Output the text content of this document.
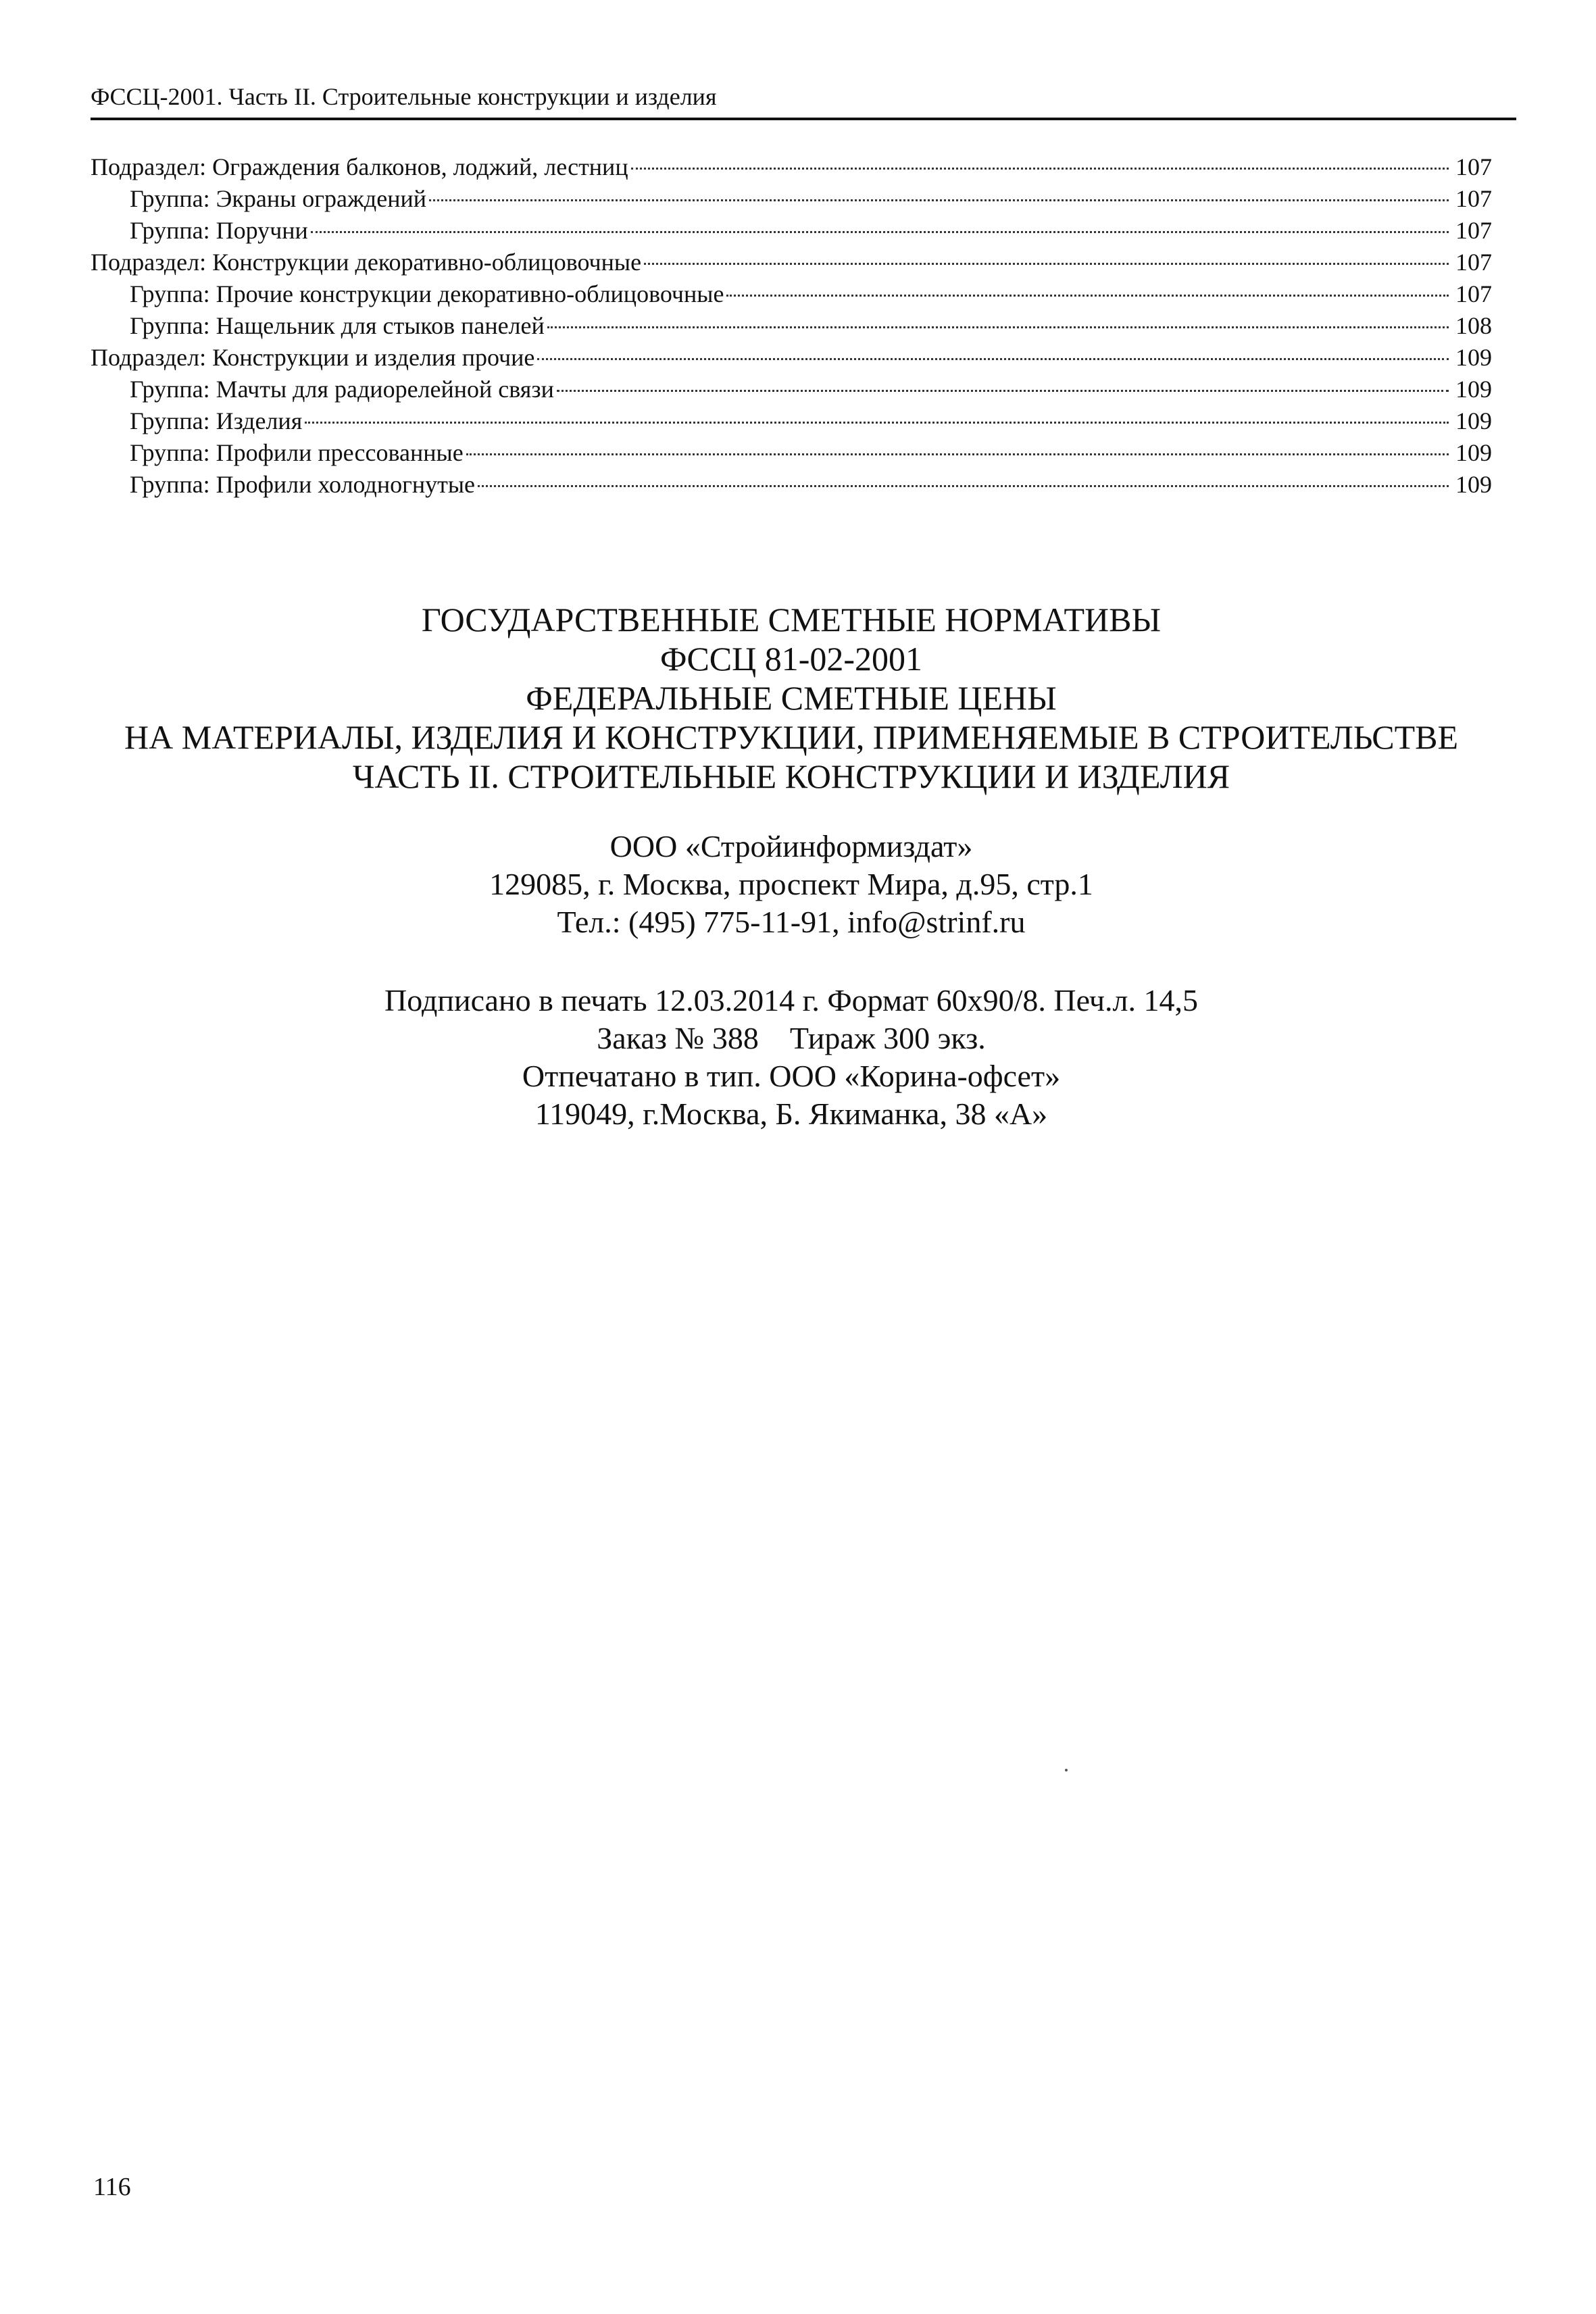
ФССЦ-2001. Часть II. Строительные конструкции и изделия
Подраздел: Ограждения балконов, лоджий, лестниц	107
Группа: Экраны ограждений	107
Группа: Поручни	107
Подраздел: Конструкции декоративно-облицовочные	107
Группа: Прочие конструкции декоративно-облицовочные	107
Группа: Нащельник для стыков панелей	108
Подраздел: Конструкции и изделия прочие	109
Группа: Мачты для радиорелейной связи	109
Группа: Изделия	109
Группа: Профили прессованные	109
Группа: Профили холодногнутые	109
ГОСУДАРСТВЕННЫЕ СМЕТНЫЕ НОРМАТИВЫ
ФССЦ 81-02-2001
ФЕДЕРАЛЬНЫЕ СМЕТНЫЕ ЦЕНЫ
НА МАТЕРИАЛЫ, ИЗДЕЛИЯ И КОНСТРУКЦИИ, ПРИМЕНЯЕМЫЕ В СТРОИТЕЛЬСТВЕ
ЧАСТЬ II. СТРОИТЕЛЬНЫЕ КОНСТРУКЦИИ И ИЗДЕЛИЯ
ООО «Стройинформиздат»
129085, г. Москва, проспект Мира, д.95, стр.1
Тел.: (495) 775-11-91, info@strinf.ru
Подписано в печать 12.03.2014 г. Формат 60х90/8. Печ.л. 14,5
Заказ № 388    Тираж 300 экз.
Отпечатано в тип. ООО «Корина-офсет»
119049, г.Москва, Б. Якиманка, 38 «А»
116
